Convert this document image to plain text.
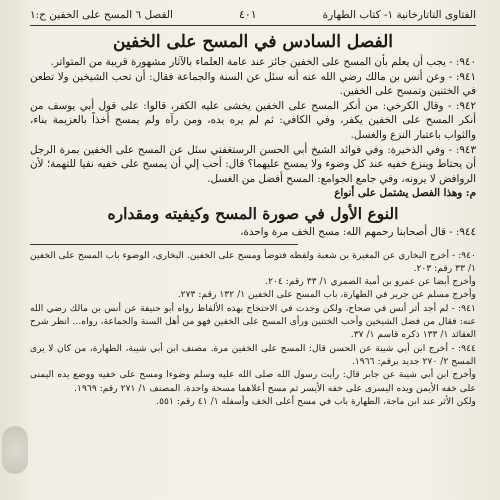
الفتاوى التاتارخانية ١- كتاب الطهارة
٤٠١
الفصل ٦ المسح على الخفين ح:١
الفصل السادس في المسح على الخفين

٩٤٠: - يجب أن يعلم بأن المسح على الخفين جائز عند عامة العلماء بالآثار مشهورة قريبة من المتواتر.

٩٤١: - وعن أنس بن مالك رضي الله عنه أنه سئل عن السنة والجماعة فقال: أن تحب الشيخين ولا تطعن في الختنين وتمسح على الخفين.

٩٤٢: - وقال الكرخي: من أنكر المسح على الخفين يخشى عليه الكفر، قالوا: على قول أبي يوسف من أنكر المسح على الخفين يكفر، وفي الكافي: ثم لم يره يده، ومن رآه ولم يمسح أخذاً بالعزيمة بناء، والثواب باعتبار النزع والغسل.

٩٤٣: - وفي الذخيرة: وفي فوائد الشيخ أبي الحسن الرستغفني سئل عن المسح على الخفين بمرة الرجل أن يحتاط وينزع خفيه عند كل وضوء ولا يمسح عليهما؟ قال: أحب إلي أن يمسح على خفيه نفيا للتهمة؛ لأن الروافض لا يرونه، وفي جامع الجوامع: المسح أفضل من الغسل.

م: وهذا الفصل يشتمل على أنواع

النوع الأول في صورة المسح وكيفيته ومقداره

٩٤٤: - قال أصحابنا رحمهم الله: مسح الخف مرة واحدة،

٩٤٠: - أخرج البخاري عن المغيرة بن شعبة ولفظه فتوضأ ومسح على الخفين. البخاري، الوضوء باب المسح على الخفين ١/ ٣٣ رقم: ٢٠٣.

وأخرج أيضا عن عمرو بن أمية الضمري ١/ ٣٣ رقم: ٢٠٤.

وأخرج مسلم عن جرير في الطهارة، باب المسح على الخفين ١/ ١٣٢ رقم: ٢٧٣.

٩٤١: - لم أجد أثر أنس في صحاح، ولكن وجدت في الاحتجاج بهذه الألفاظ رواه أبو حنيفة عن أنس بن مالك رضي الله عنه: فقال من فضل الشيخين وأحب الختنين ورأى المسح على الخفين فهو من أهل السنة والجماعة، رواه... انظر شرح العقائد ١/ ١٣٣ ذكره قاسم ١/ ٣٧.

٩٤٤: - أخرج ابن أبي شيبة عن الحسن قال: المسح على الخفين مرة. مصنف ابن أبي شيبة، الطهارة، من كان لا يرى المسح ٢/ ٢٧٠ جديد برقم: ١٩٦٦.

وأخرج ابن أبي شيبة عن جابر قال: رأيت رسول الله صلى الله عليه وسلم وضوءا ومسح على خفيه ووضع يده اليمنى على خفه الأيمن ويده اليسرى على خفه الأيسر ثم مسح أعلاهما مسحة واحدة. المصنف ١/ ٢٧١ رقم: ١٩٦٩.

ولكن الأثر عند ابن ماجة، الطهارة باب في مسح أعلى الخف وأسفله ١/ ٤١ رقم: ٥٥١.
